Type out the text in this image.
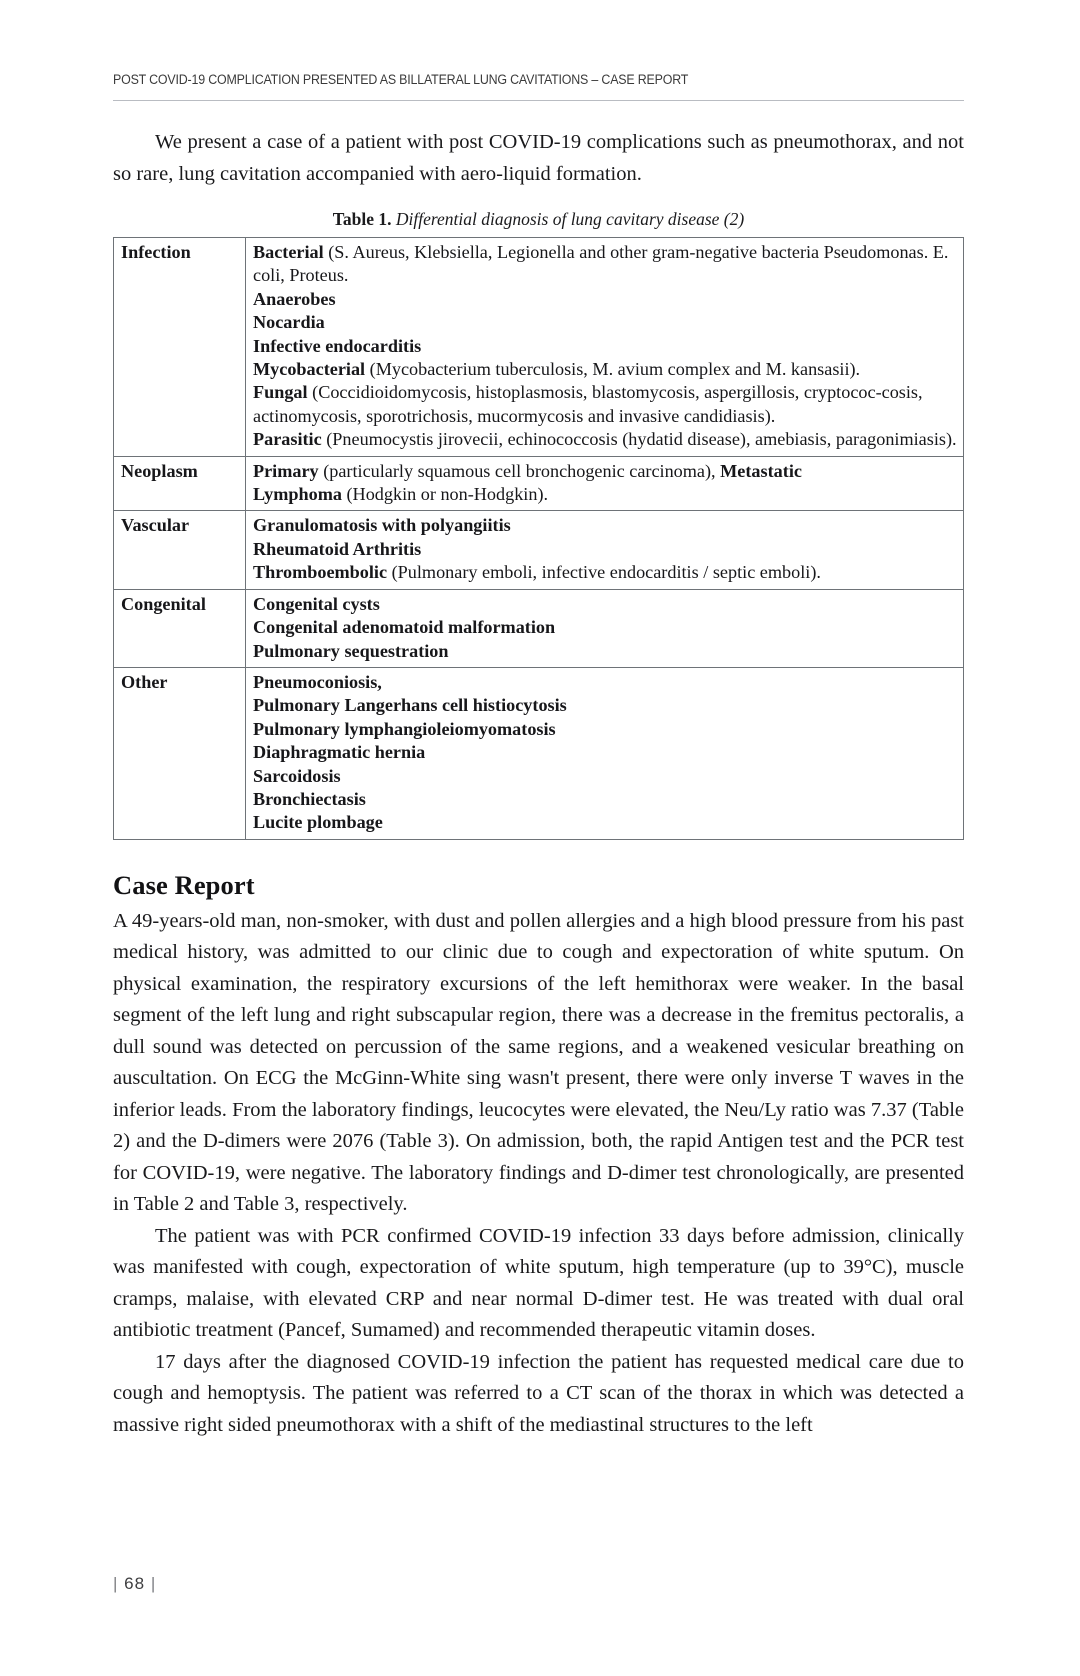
POST COVID-19 COMPLICATION PRESENTED AS BILLATERAL LUNG CAVITATIONS – CASE REPORT

We present a case of a patient with post COVID-19 complications such as pneumothorax, and not so rare, lung cavitation accompanied with aero-liquid formation.

Table 1. Differential diagnosis of lung cavitary disease (2)
Infection	Bacterial (S. Aureus, Klebsiella, Legionella and other gram-negative bacteria Pseudomonas. E. coli, Proteus.
Anaerobes
Nocardia
Infective endocarditis
Mycobacterial (Mycobacterium tuberculosis, M. avium complex and M. kansasii).
Fungal (Coccidioidomycosis, histoplasmosis, blastomycosis, aspergillosis, cryptococ-cosis, actinomycosis, sporotrichosis, mucormycosis and invasive candidiasis).
Parasitic (Pneumocystis jirovecii, echinococcosis (hydatid disease), amebiasis, paragonimiasis).

Neoplasm	Primary (particularly squamous cell bronchogenic carcinoma), Metastatic
Lymphoma (Hodgkin or non-Hodgkin).

Vascular	Granulomatosis with polyangiitis
Rheumatoid Arthritis
Thromboembolic (Pulmonary emboli, infective endocarditis / septic emboli).

Congenital	Congenital cysts
Congenital adenomatoid malformation
Pulmonary sequestration

Other	Pneumoconiosis,
Pulmonary Langerhans cell histiocytosis
Pulmonary lymphangioleiomyomatosis
Diaphragmatic hernia
Sarcoidosis
Bronchiectasis
Lucite plombage
Case Report

A 49-years-old man, non-smoker, with dust and pollen allergies and a high blood pressure from his past medical history, was admitted to our clinic due to cough and expectoration of white sputum. On physical examination, the respiratory excursions of the left hemithorax were weaker. In the basal segment of the left lung and right subscapular region, there was a decrease in the fremitus pectoralis, a dull sound was detected on percussion of the same regions, and a weakened vesicular breathing on auscultation. On ECG the McGinn-White sing wasn't present, there were only inverse T waves in the inferior leads. From the laboratory findings, leucocytes were elevated, the Neu/Ly ratio was 7.37 (Table 2) and the D-dimers were 2076 (Table 3). On admission, both, the rapid Antigen test and the PCR test for COVID-19, were negative. The laboratory findings and D-dimer test chronologically, are presented in Table 2 and Table 3, respectively.

The patient was with PCR confirmed COVID-19 infection 33 days before admission, clinically was manifested with cough, expectoration of white sputum, high temperature (up to 39°C), muscle cramps, malaise, with elevated CRP and near normal D-dimer test. He was treated with dual oral antibiotic treatment (Pancef, Sumamed) and recommended therapeutic vitamin doses.

17 days after the diagnosed COVID-19 infection the patient has requested medical care due to cough and hemoptysis. The patient was referred to a CT scan of the thorax in which was detected a massive right sided pneumothorax with a shift of the mediastinal structures to the left

| 68 |
